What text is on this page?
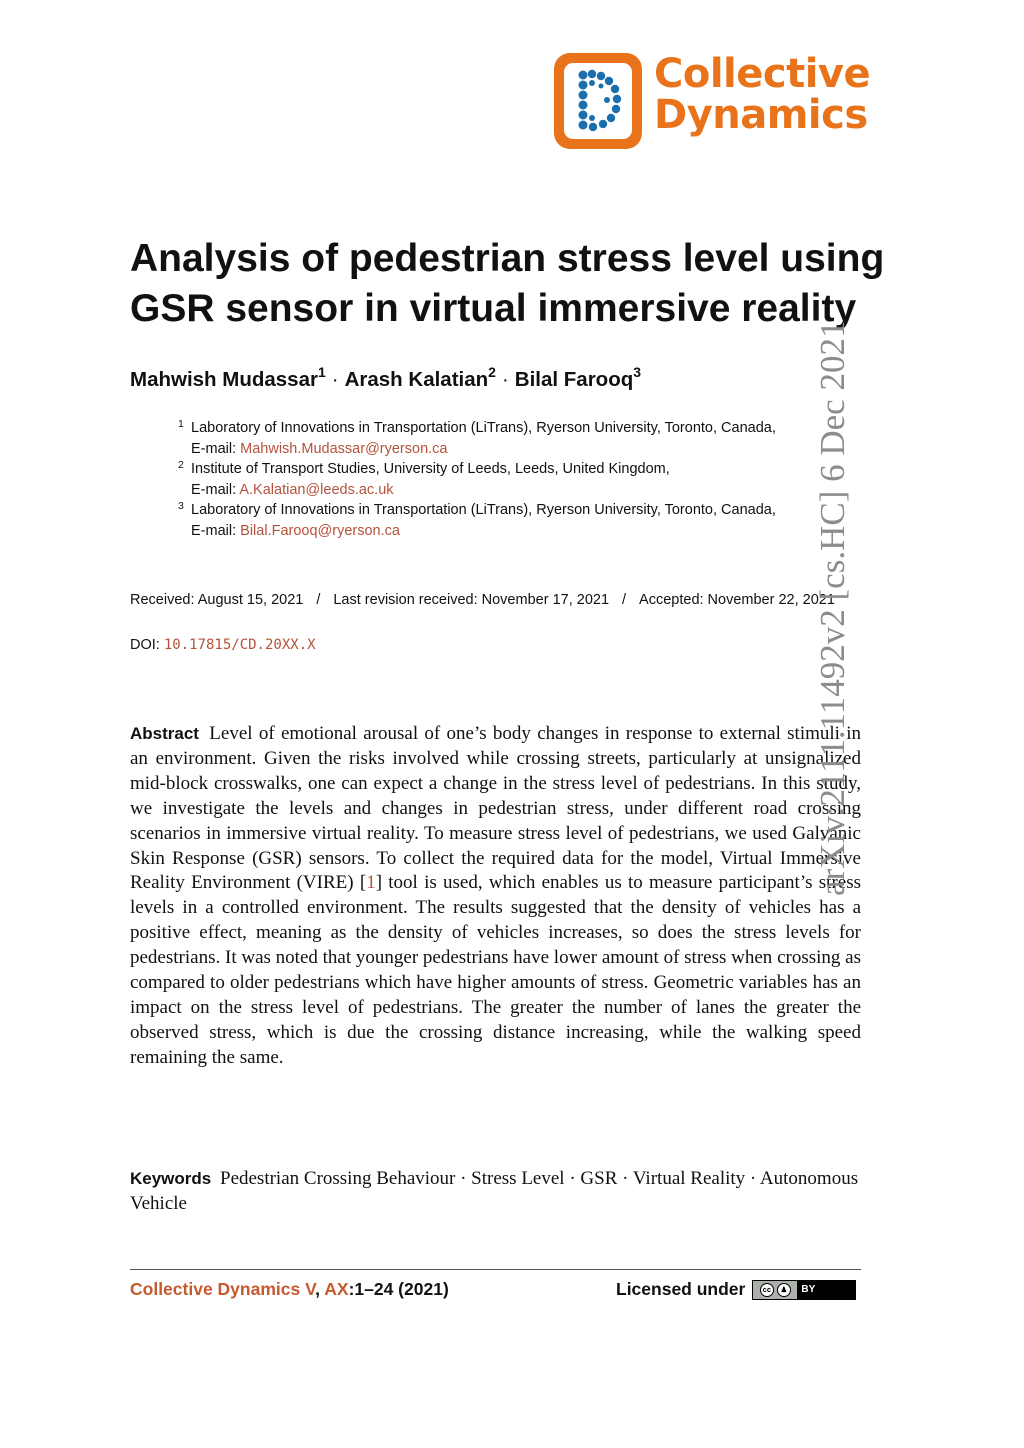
Collective
Dynamics
Analysis of pedestrian stress level using GSR sensor in virtual immersive reality
Mahwish Mudassar$^1$ · Arash Kalatian$^2$ · Bilal Farooq$^3$
1 Laboratory of Innovations in Transportation (LiTrans), Ryerson University, Toronto, Canada,
E-mail: Mahwish.Mudassar@ryerson.ca
2 Institute of Transport Studies, University of Leeds, Leeds, United Kingdom,
E-mail: A.Kalatian@leeds.ac.uk
3 Laboratory of Innovations in Transportation (LiTrans), Ryerson University, Toronto, Canada,
E-mail: Bilal.Farooq@ryerson.ca
Received: August 15, 2021 / Last revision received: November 17, 2021 / Accepted: November 22, 2021
DOI: 10.17815/CD.20XX.X
Abstract Level of emotional arousal of one’s body changes in response to external stimuli in an environment. Given the risks involved while crossing streets, particularly at unsignalized mid-block crosswalks, one can expect a change in the stress level of pedestrians. In this study, we investigate the levels and changes in pedestrian stress, under different road crossing scenarios in immersive virtual reality. To measure stress level of pedestrians, we used Galvanic Skin Response (GSR) sensors. To collect the required data for the model, Virtual Immersive Reality Environment (VIRE) [1] tool is used, which enables us to measure participant’s stress levels in a controlled environment. The results suggested that the density of vehicles has a positive effect, meaning as the density of vehicles increases, so does the stress levels for pedestrians. It was noted that younger pedestrians have lower amount of stress when crossing as compared to older pedestrians which have higher amounts of stress. Geometric variables has an impact on the stress level of pedestrians. The greater the number of lanes the greater the observed stress, which is due the crossing distance increasing, while the walking speed remaining the same.
Keywords Pedestrian Crossing Behaviour · Stress Level · GSR · Virtual Reality · Autonomous Vehicle
Collective Dynamics V, AX:1–24 (2021)	Licensed under	cc	♟	BY
arXiv:2111.11492v2 [cs.HC] 6 Dec 2021
